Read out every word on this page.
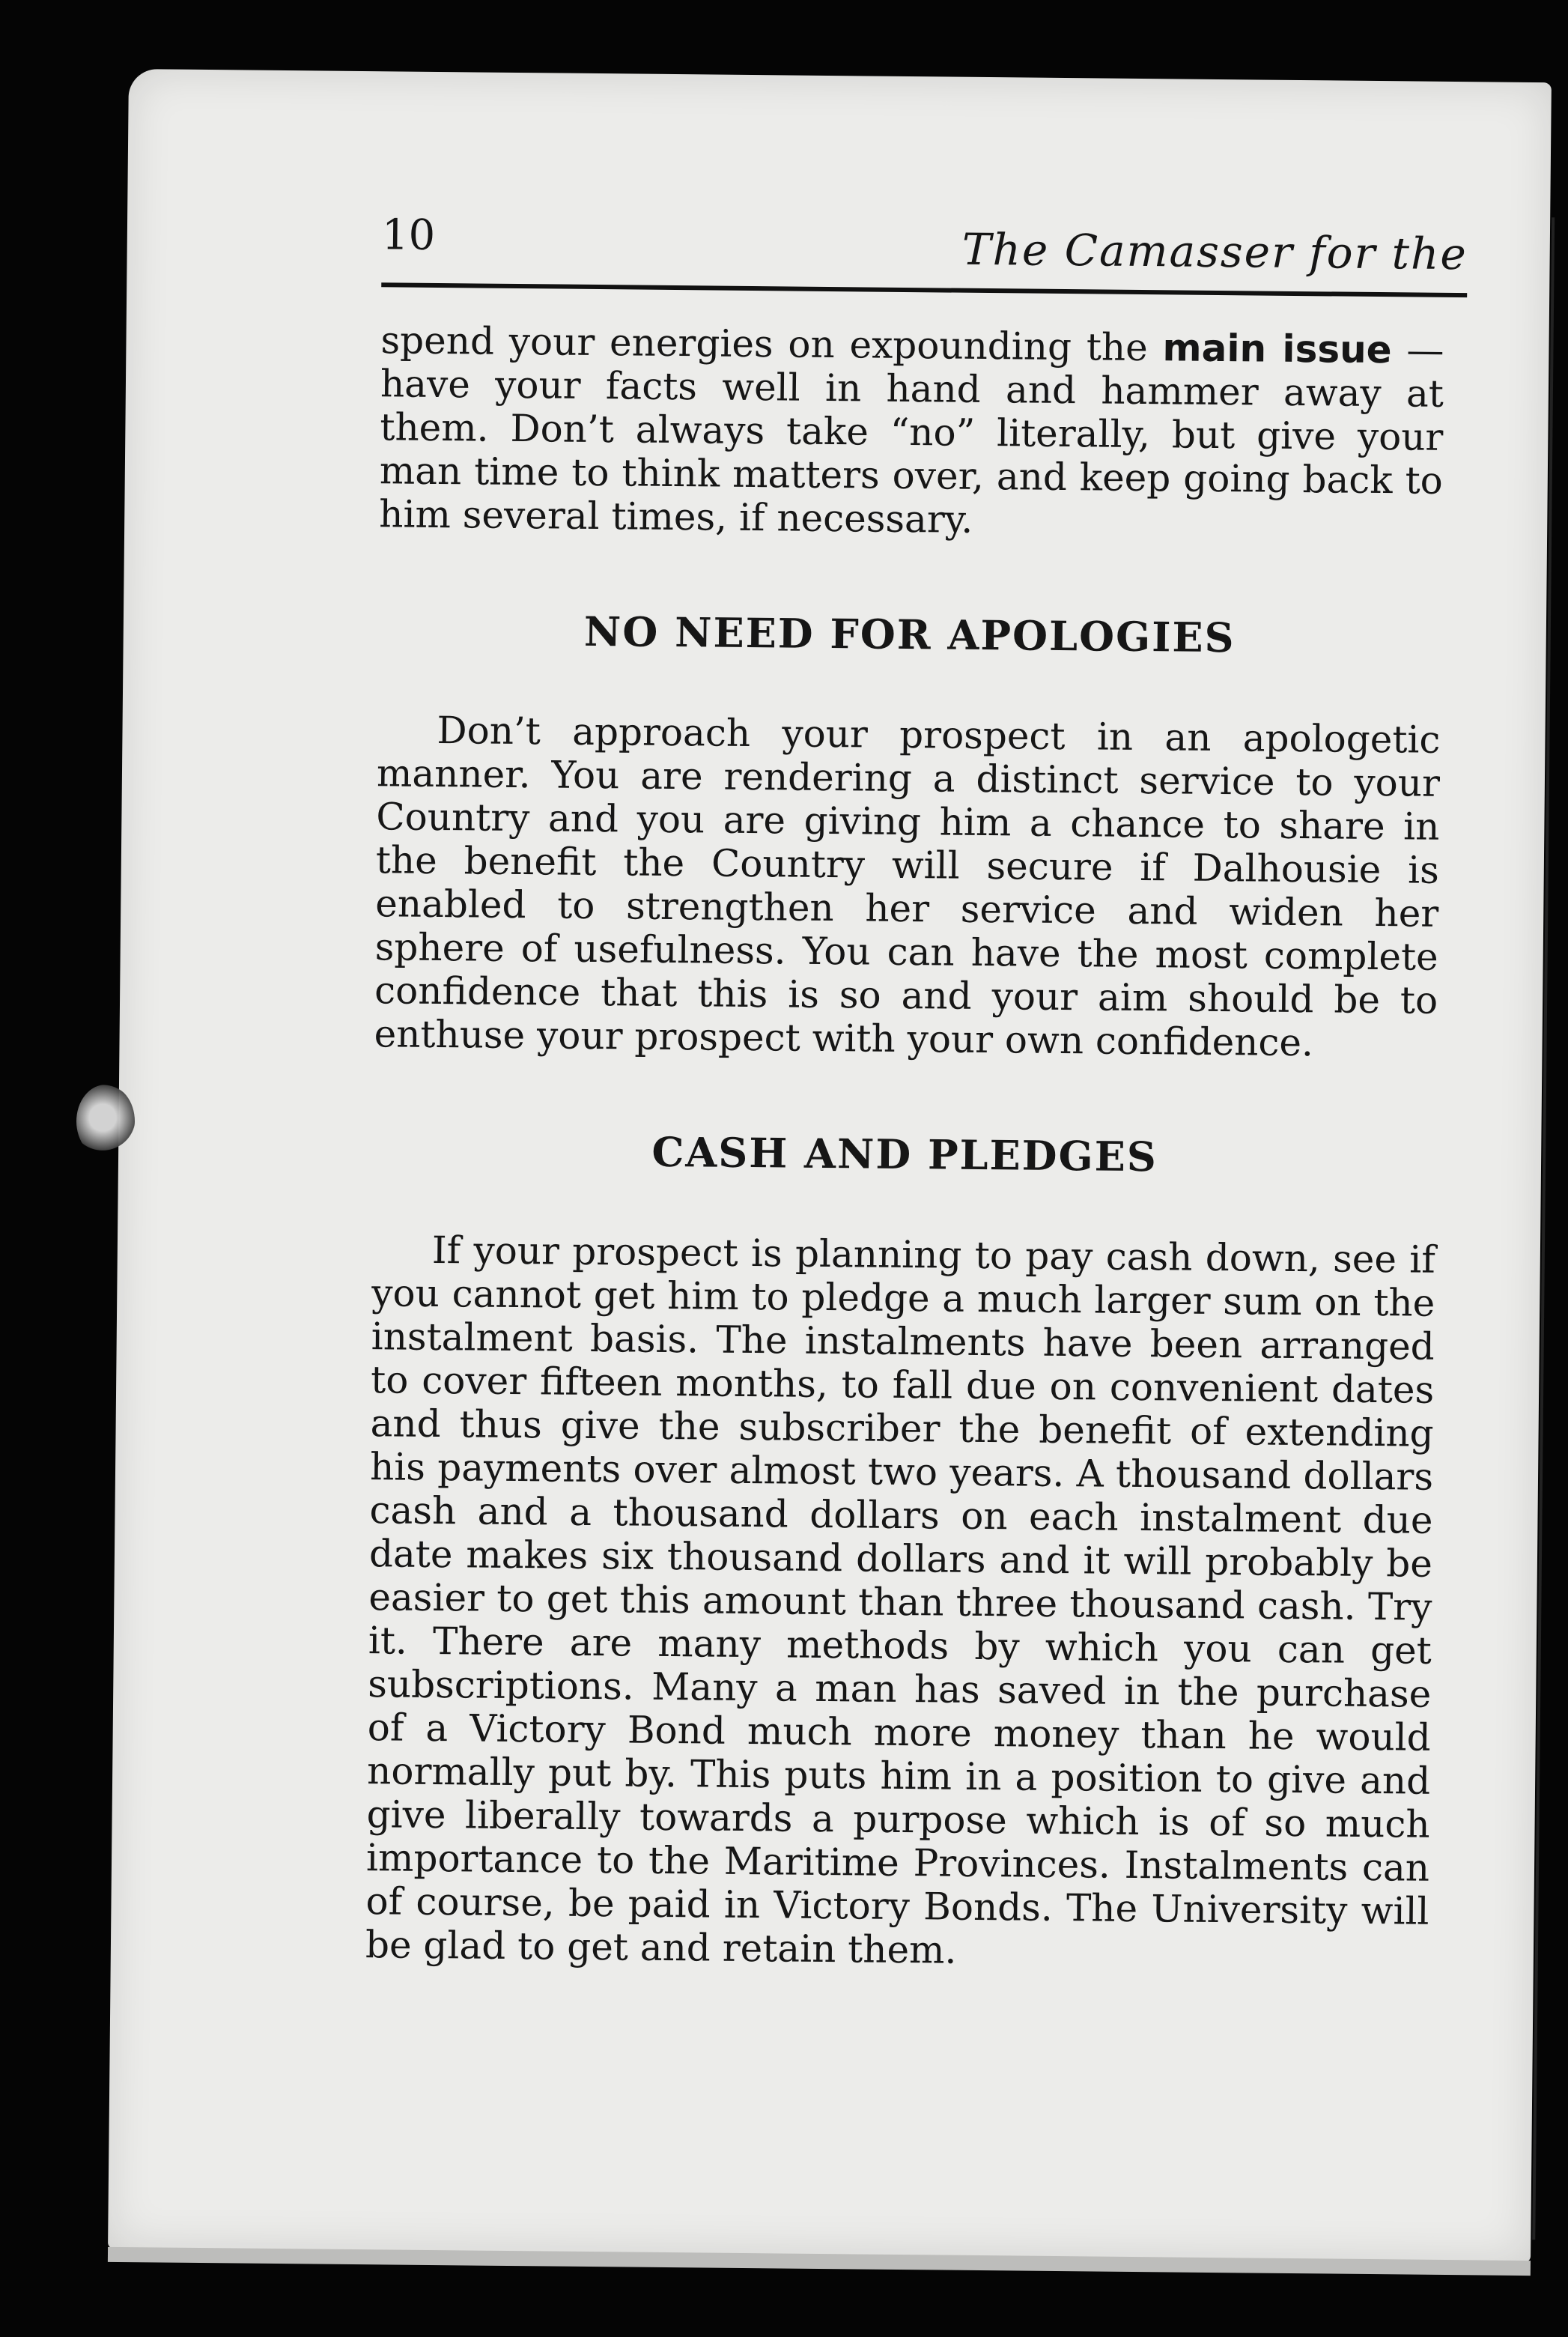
10	The Camasser for the

spend your energies on expounding the main issue —have your facts well in hand and hammer away at them. Don’t always take “no” literally, but give your man time to think matters over, and keep going back to him several times, if necessary.

NO NEED FOR APOLOGIES

Don’t approach your prospect in an apologetic manner. You are rendering a distinct service to your Country and you are giving him a chance to share in the benefit the Country will secure if Dalhousie is enabled to strengthen her service and widen her sphere of usefulness. You can have the most complete confidence that this is so and your aim should be to enthuse your prospect with your own confidence.

CASH AND PLEDGES

If your prospect is planning to pay cash down, see if you cannot get him to pledge a much larger sum on the instalment basis. The instalments have been arranged to cover fifteen months, to fall due on convenient dates and thus give the subscriber the benefit of extending his payments over almost two years. A thousand dollars cash and a thousand dollars on each instalment due date makes six thousand dollars and it will probably be easier to get this amount than three thousand cash. Try it. There are many methods by which you can get subscriptions. Many a man has saved in the purchase of a Victory Bond much more money than he would normally put by. This puts him in a position to give and give liberally towards a purpose which is of so much importance to the Maritime Provinces. Instalments can of course, be paid in Victory Bonds. The University will be glad to get and retain them.
